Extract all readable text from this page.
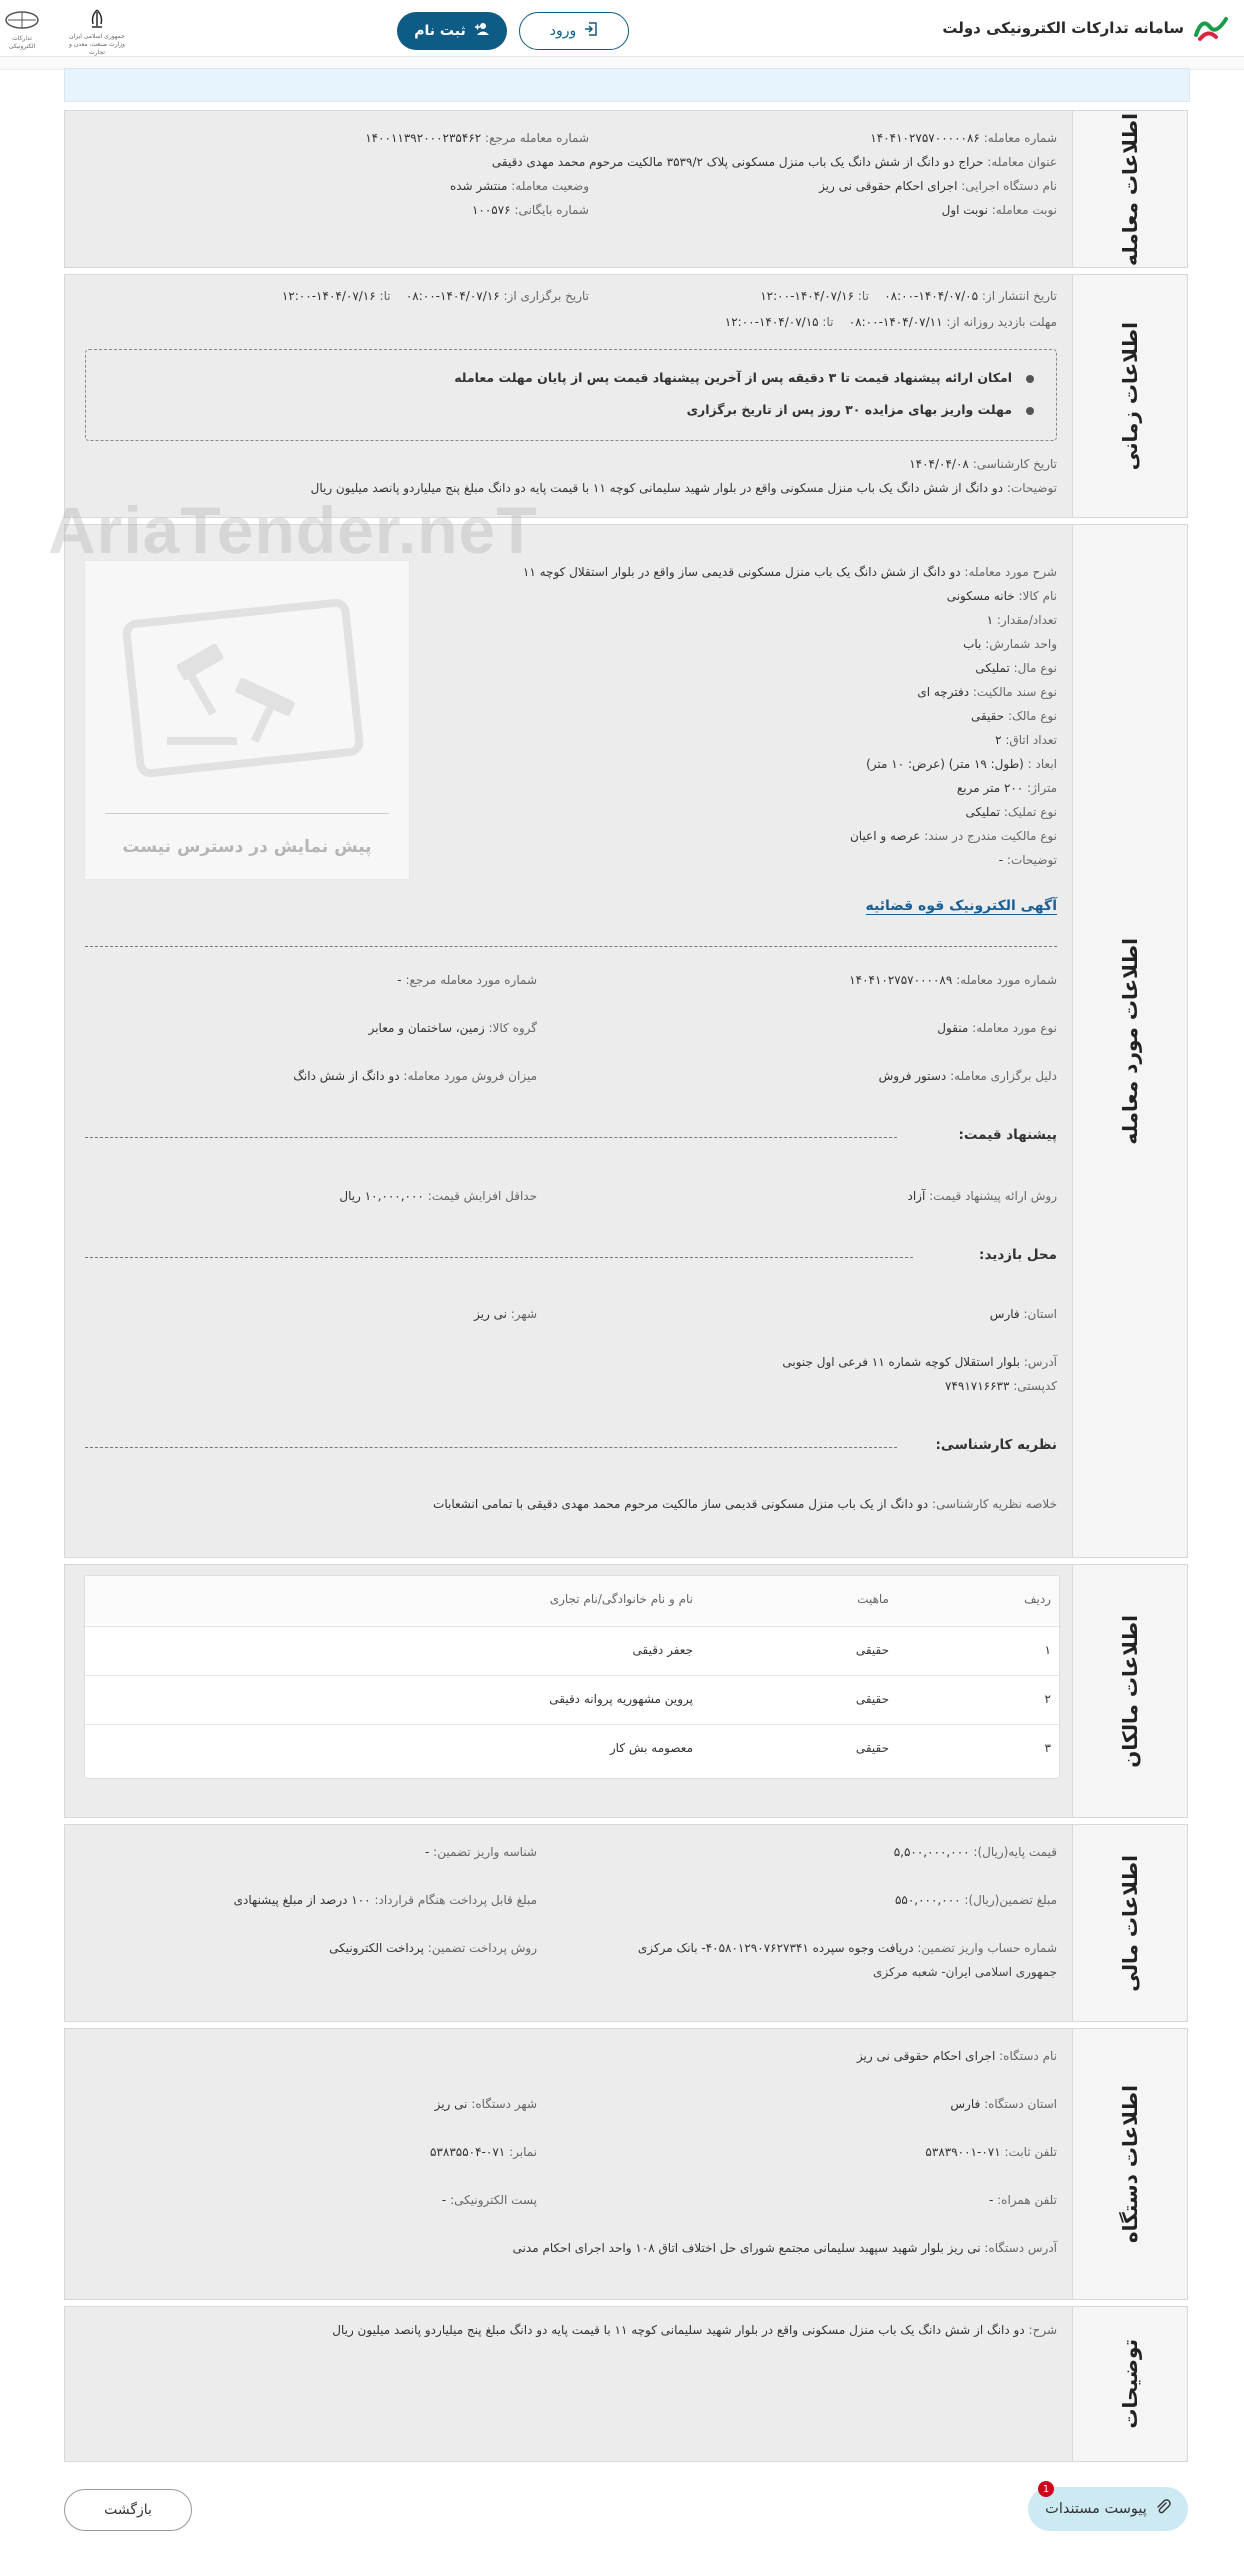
سامانه تدارکات الکترونیکی دولت
ثبت نام	ورود
جمهوری اسلامی ایران
وزارت صنعت، معدن و تجارت
تدارکات الکترونیکی
اطلاعات معامله
شماره معامله: ۱۴۰۴۱۰۲۷۵۷۰۰۰۰۰۸۶
شماره معامله مرجع: ۱۴۰۰۱۱۳۹۲۰۰۰۲۳۵۴۶۲
عنوان معامله: حراج دو دانگ از شش دانگ یک باب منزل مسکونی پلاک ۳۵۳۹/۲ مالکیت مرحوم محمد مهدی دقیقی
نام دستگاه اجرایی: اجرای احکام حقوقی نی ریز
وضعیت معامله: منتشر شده
نوبت معامله: نوبت اول
شماره بایگانی: ۱۰۰۵۷۶
اطلاعات زمانی
تاریخ انتشار از: ۱۴۰۴/۰۷/۰۵-۰۸:۰۰    تا: ۱۴۰۴/۰۷/۱۶-۱۲:۰۰
تاریخ برگزاری از: ۱۴۰۴/۰۷/۱۶-۰۸:۰۰    تا: ۱۴۰۴/۰۷/۱۶-۱۲:۰۰
مهلت بازدید روزانه از: ۱۴۰۴/۰۷/۱۱-۰۸:۰۰    تا: ۱۴۰۴/۰۷/۱۵-۱۲:۰۰
امکان ارائه پیشنهاد قیمت تا ۳ دقیقه پس از آخرین پیشنهاد قیمت پس از پایان مهلت معامله
مهلت واریز بهای مزایده ۳۰ روز پس از تاریخ برگزاری
تاریخ کارشناسی: ۱۴۰۴/۰۴/۰۸
توضیحات: دو دانگ از شش دانگ یک باب منزل مسکونی واقع در بلوار شهید سلیمانی کوچه ۱۱ با قیمت پایه دو دانگ مبلغ پنج میلیاردو پانصد میلیون ریال
اطلاعات مورد معامله
شرح مورد معامله: دو دانگ از شش دانگ یک باب منزل مسکونی قدیمی ساز واقع در بلوار استقلال کوچه ۱۱
نام کالا: خانه مسکونی
تعداد/مقدار: ۱
واحد شمارش: باب
نوع مال: تملیکی
نوع سند مالکیت: دفترچه ای
نوع مالک: حقیقی
تعداد اتاق: ۲
ابعاد : (طول: ۱۹ متر) (عرض: ۱۰ متر)
متراژ: ۲۰۰ متر مربع
نوع تملیک: تملیکی
نوع مالکیت مندرج در سند: عرصه و اعیان
توضیحات: -
آگهی الکترونیک قوه قضائیه
شماره مورد معامله: ۱۴۰۴۱۰۲۷۵۷۰۰۰۰۸۹
شماره مورد معامله مرجع: -
نوع مورد معامله: منقول
گروه کالا: زمین، ساختمان و معابر
دلیل برگزاری معامله: دستور فروش
میزان فروش مورد معامله: دو دانگ از شش دانگ
پیشنهاد قیمت:
روش ارائه پیشنهاد قیمت: آزاد
حداقل افزایش قیمت: ۱۰,۰۰۰,۰۰۰ ریال
محل بازدید:
استان: فارس
شهر: نی ریز
آدرس: بلوار استقلال کوچه شماره ۱۱ فرعی اول جنوبی
کدپستی: ۷۴۹۱۷۱۶۶۳۳
نظریه کارشناسی:
خلاصه نظریه کارشناسی: دو دانگ از یک باب منزل مسکونی قدیمی ساز مالکیت مرحوم محمد مهدی دقیقی با تمامی انشعابات
پیش نمایش در دسترس نیست
AriaTender.neT
اطلاعات مالکان
ردیف
ماهیت
نام و نام خانوادگی/نام تجاری
۱
حقیقی
جعفر دقیقی
۲
حقیقی
پروین مشهوریه پروانه دقیقی
۳
حقیقی
معصومه بش کار
اطلاعات مالی
قیمت پایه(ریال): ۵,۵۰۰,۰۰۰,۰۰۰
شناسه واریز تضمین: -
مبلغ تضمین(ریال): ۵۵۰,۰۰۰,۰۰۰
مبلغ قابل پرداخت هنگام قرارداد: ۱۰۰ درصد از مبلغ پیشنهادی
شماره حساب واریز تضمین: دریافت وجوه سپرده ۴۰۵۸۰۱۲۹۰۷۶۲۷۳۴۱- بانک مرکزی
جمهوری اسلامی ایران- شعبه مرکزی
روش پرداخت تضمین: پرداخت الکترونیکی
اطلاعات دستگاه
نام دستگاه: اجرای احکام حقوقی نی ریز
استان دستگاه: فارس
شهر دستگاه: نی ریز
تلفن ثابت: ۰۷۱-۵۳۸۳۹۰۰۱
نمابر: ۰۷۱-۵۳۸۳۵۵۰۴
تلفن همراه: -
پست الکترونیکی: -
آدرس دستگاه: نی ریز بلوار شهید سپهبد سلیمانی مجتمع شورای حل اختلاف اتاق ۱۰۸ واحد اجرای احکام مدنی
توضیحات
شرح: دو دانگ از شش دانگ یک باب منزل مسکونی واقع در بلوار شهید سلیمانی کوچه ۱۱ با قیمت پایه دو دانگ مبلغ پنج میلیاردو پانصد میلیون ریال
پیوست مستندات
1
بازگشت
